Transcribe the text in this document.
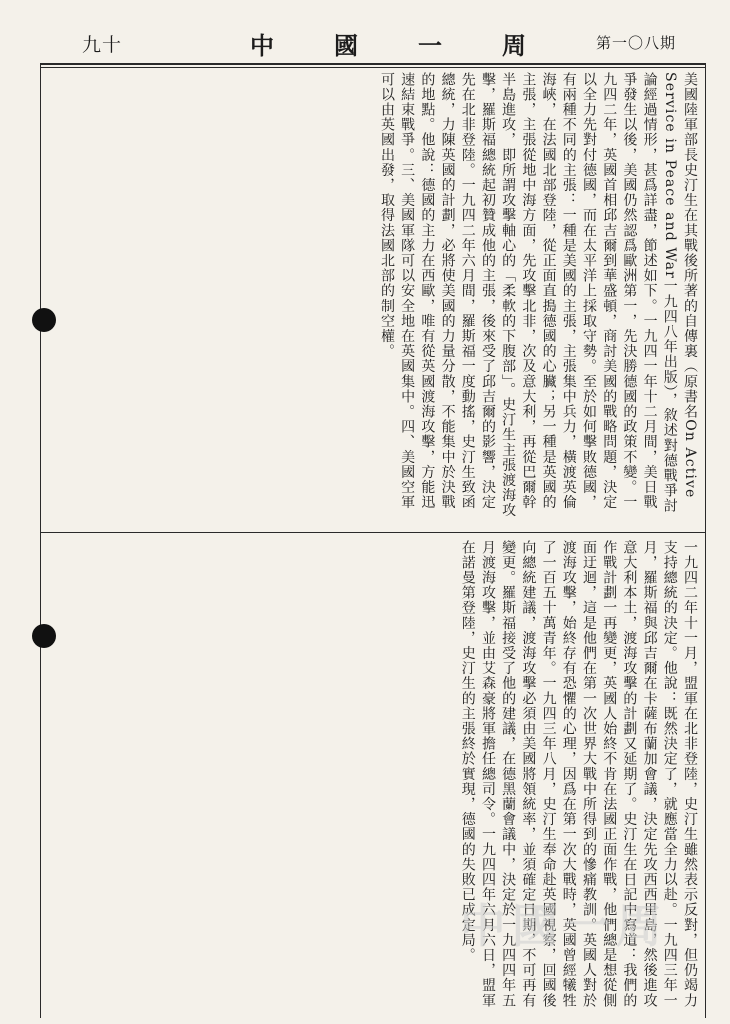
九十	中國一周 第一〇八期

美國陸軍部長史汀生在其戰後所著的自傳裏（原書名On Active Service in Peace and War一九四八年出版），敘述對德戰爭討論經過情形，甚爲詳盡，節述如下。一九四一年十二月間，美日戰爭發生以後，美國仍然認爲歐洲第一，先決勝德國的政策不變。一九四二年，英國首相邱吉爾到華盛頓，商討美國的戰略問題，決定以全力先對付德國，而在太平洋上採取守勢。至於如何擊敗德國，有兩種不同的主張：一種是美國的主張，主張集中兵力，橫渡英倫海峽，在法國北部登陸，從正面直搗德國的心臟；另一種是英國的主張，主張從地中海方面，先攻擊北非，次及意大利，再從巴爾幹半島進攻，即所謂攻擊軸心的「柔軟的下腹部」。史汀生主張渡海攻擊，羅斯福總統起初贊成他的主張，後來受了邱吉爾的影響，決定先在北非登陸。一九四二年六月間，羅斯福一度動搖，史汀生致函總統，力陳英國的計劃，必將使美國的力量分散，不能集中於決戰的地點。他說：德國的主力在西歐，唯有從英國渡海攻擊，方能迅速結束戰爭。三、美國軍隊可以安全地在英國集中。四、美國空軍可以由英國出發，取得法國北部的制空權。

一九四二年十一月，盟軍在北非登陸，史汀生雖然表示反對，但仍竭力支持總統的決定。他說：既然決定了，就應當全力以赴。一九四三年一月，羅斯福與邱吉爾在卡薩布蘭加會議，決定先攻西西里島，然後進攻意大利本土，渡海攻擊的計劃又延期了。史汀生在日記中寫道：我們的作戰計劃一再變更，英國人始終不肯在法國正面作戰，他們總是想從側面迂迴，這是他們在第一次世界大戰中所得到的慘痛教訓。英國人對於渡海攻擊，始終存有恐懼的心理，因爲在第一次大戰時，英國曾經犧牲了一百五十萬青年。一九四三年八月，史汀生奉命赴英國視察，回國後向總統建議，渡海攻擊必須由美國將領統率，並須確定日期，不可再有變更。羅斯福接受了他的建議，在德黑蘭會議中，決定於一九四四年五月渡海攻擊，並由艾森豪將軍擔任總司令。一九四四年六月六日，盟軍在諾曼第登陸，史汀生的主張終於實現，德國的失敗已成定局。

中國一周
